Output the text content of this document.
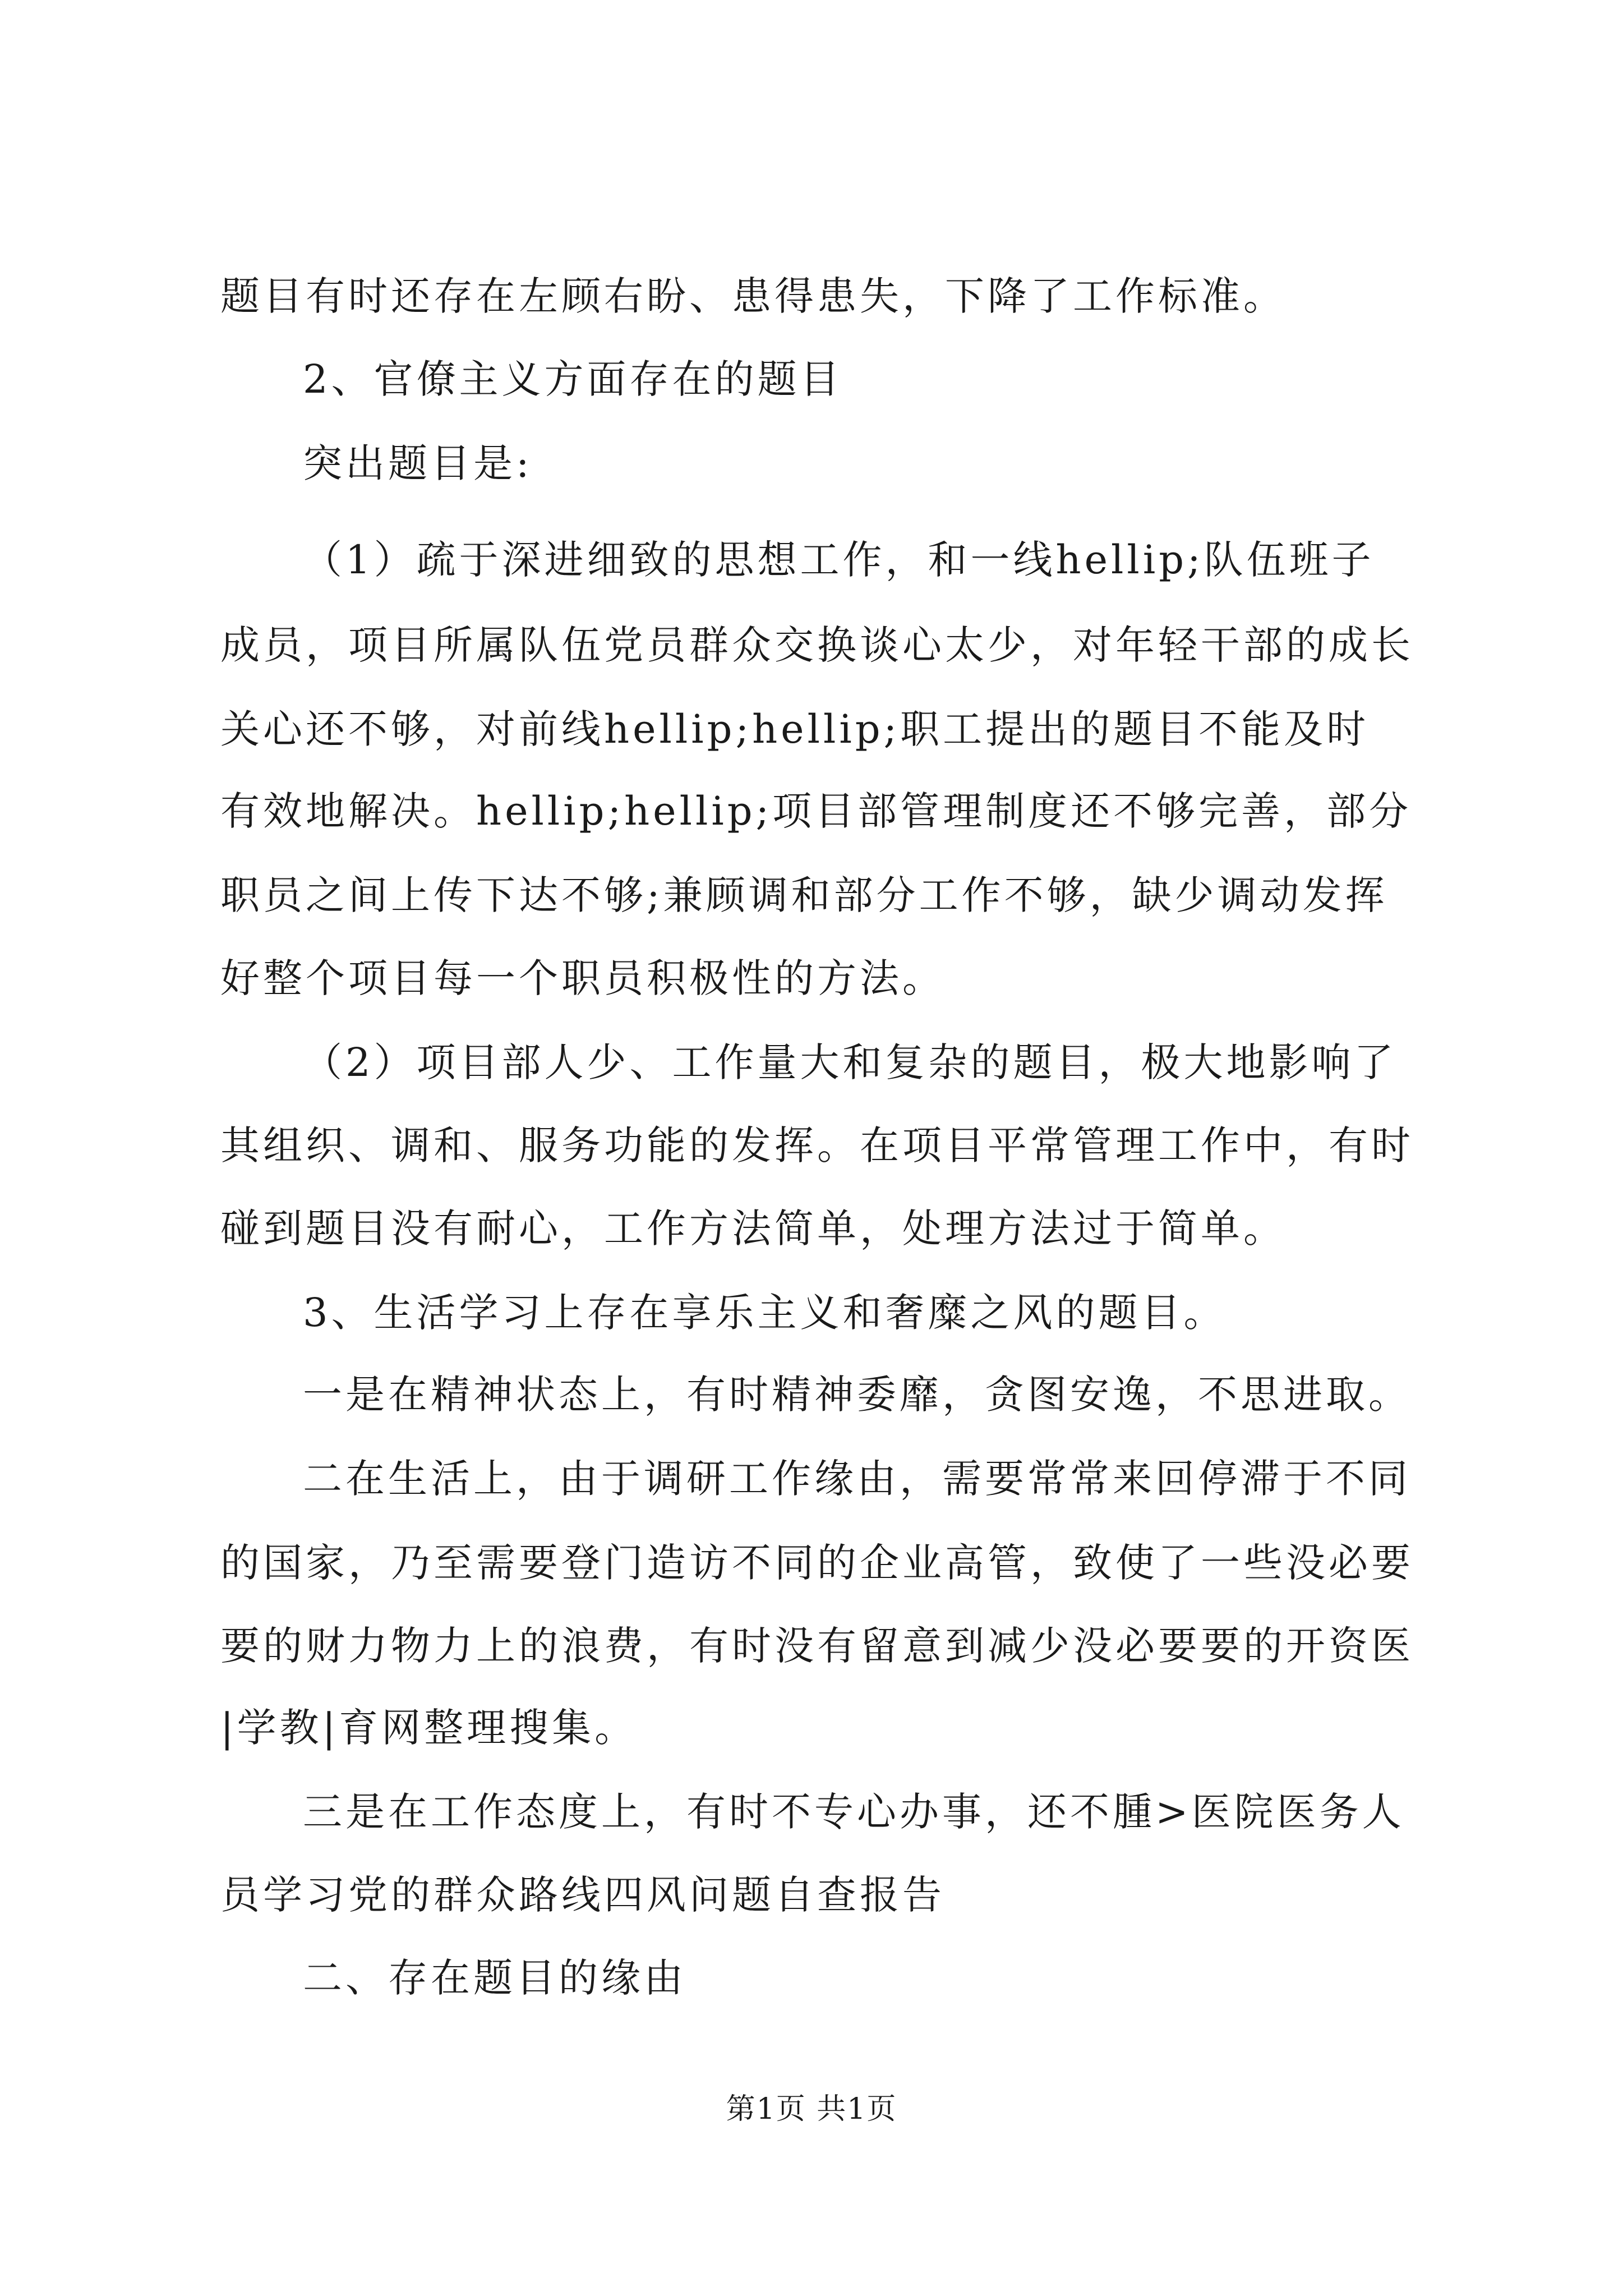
题目有时还存在左顾右盼、患得患失，下降了工作标准。
2、官僚主义方面存在的题目
突出题目是:
（1）疏于深进细致的思想工作，和一线hellip;队伍班子
成员，项目所属队伍党员群众交换谈心太少，对年轻干部的成长
关心还不够，对前线hellip;hellip;职工提出的题目不能及时
有效地解决。hellip;hellip;项目部管理制度还不够完善，部分
职员之间上传下达不够;兼顾调和部分工作不够，缺少调动发挥
好整个项目每一个职员积极性的方法。
（2）项目部人少、工作量大和复杂的题目，极大地影响了
其组织、调和、服务功能的发挥。在项目平常管理工作中，有时
碰到题目没有耐心，工作方法简单，处理方法过于简单。
3、生活学习上存在享乐主义和奢糜之风的题目。
一是在精神状态上，有时精神委靡，贪图安逸，不思进取。
二在生活上，由于调研工作缘由，需要常常来回停滞于不同
的国家，乃至需要登门造访不同的企业高管，致使了一些没必要
要的财力物力上的浪费，有时没有留意到减少没必要要的开资医
|学教|育网整理搜集。
三是在工作态度上，有时不专心办事，还不腫>医院医务人
员学习党的群众路线四风问题自查报告
二、存在题目的缘由
第1页 共1页
